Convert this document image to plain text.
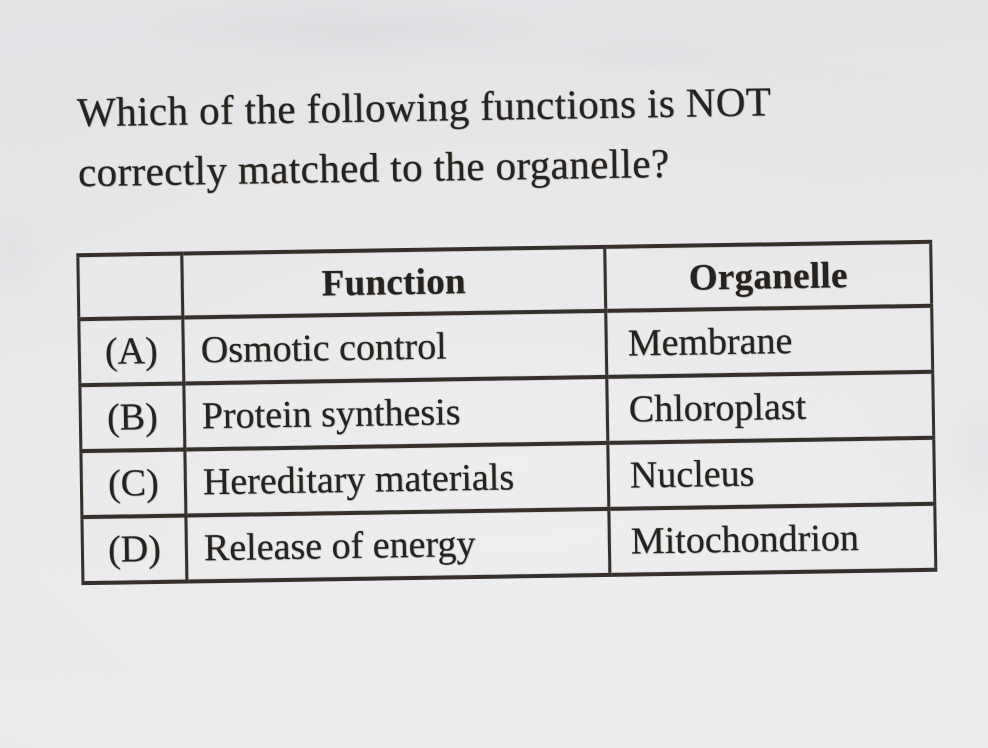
Which of the following functions is NOT
correctly matched to the organelle?
	Function	Organelle
(A)	Osmotic control	Membrane
(B)	Protein synthesis	Chloroplast
(C)	Hereditary materials	Nucleus
(D)	Release of energy	Mitochondrion
